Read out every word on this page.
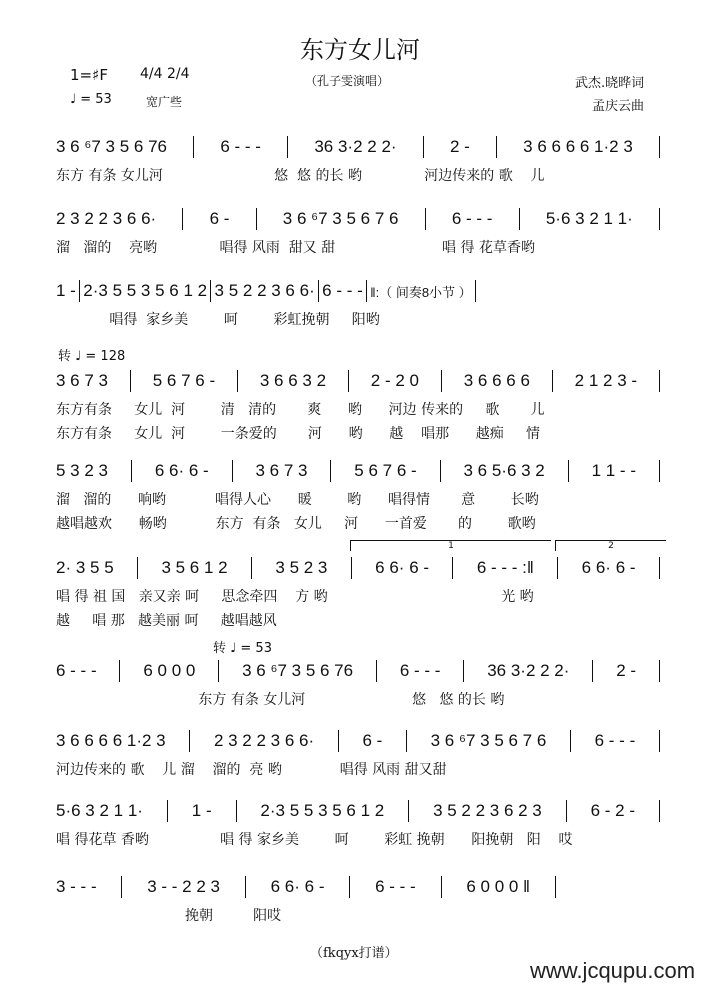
东方女儿河
1=♯F 4/4 2/4
♩ = 53	宽广些
（孔子雯演唱）	武杰.晓晔词
孟庆云曲
转 ♩ = 128
转 ♩ = 53
1	2
3 6 ⁶7 3 5 6 76	6 - - -	36 3·2 2 2·	2 -	3 6 6 6 6 1·2 3
东方 有条 女儿河                         悠  悠 的长 哟              河边传来的 歌    儿
2 3 2 2 3 6 6·	6 -	3 6 ⁶7 3 5 6 7 6	6 - - -	5·6 3 2 1 1·
溜   溜的    亮哟              唱得 风雨  甜又 甜                        唱 得 花草香哟
1 - 2·3 5 5 3 5 6 1 2 3 5 2 2 3 6 6· 6 - - - ‖:（ 间奏8小节 ）
唱得  家乡美        呵        彩虹挽朝     阳哟
3 6 7 3	5 6 7 6 -	3 6 6 3 2	2 - 2 0	3 6 6 6 6	2 1 2 3 -
东方有条     女儿  河        清   清的       爽      哟      河边 传来的     歌       儿
东方有条     女儿  河        一条爱的       河      哟      越    唱那      越痴     情
5 3 2 3	6 6· 6 -	3 6 7 3	5 6 7 6 -	3 6 5·6 3 2	1 1 - -
溜   溜的      响哟           唱得人心      暖        哟      唱得情       意        长哟
越唱越欢      畅哟           东方  有条   女儿     河      一首爱       的        歌哟
2· 3 5 5	3 5 6 1 2	3 5 2 3	6 6· 6 -	6 - - - :‖	6 6· 6 -
唱 得 祖 国   亲又亲 呵     思念牵四    方 哟                                       光 哟
越     唱 那   越美丽 呵     越唱越风
6 - - -	6 0 0 0	3 6 ⁶7 3 5 6 76	6 - - -	36 3·2 2 2·	2 -
东方 有条 女儿河                        悠   悠 的长 哟
3 6 6 6 6 1·2 3	2 3 2 2 3 6 6·	6 -	3 6 ⁶7 3 5 6 7 6	6 - - -
河边传来的 歌    儿 溜    溜的  亮 哟             唱得 风雨 甜又甜
5·6 3 2 1 1·	1 -	2·3 5 5 3 5 6 1 2	3 5 2 2 3 6 2 3	6 - 2 -
唱 得花草 香哟                唱 得 家乡美        呵        彩虹 挽朝      阳挽朝   阳    哎
3 - - -	3 - - 2 2 3	6 6· 6 -	6 - - -	6 0 0 0 ‖
挽朝         阳哎
（fkqyx打谱）
www.jcqupu.com
